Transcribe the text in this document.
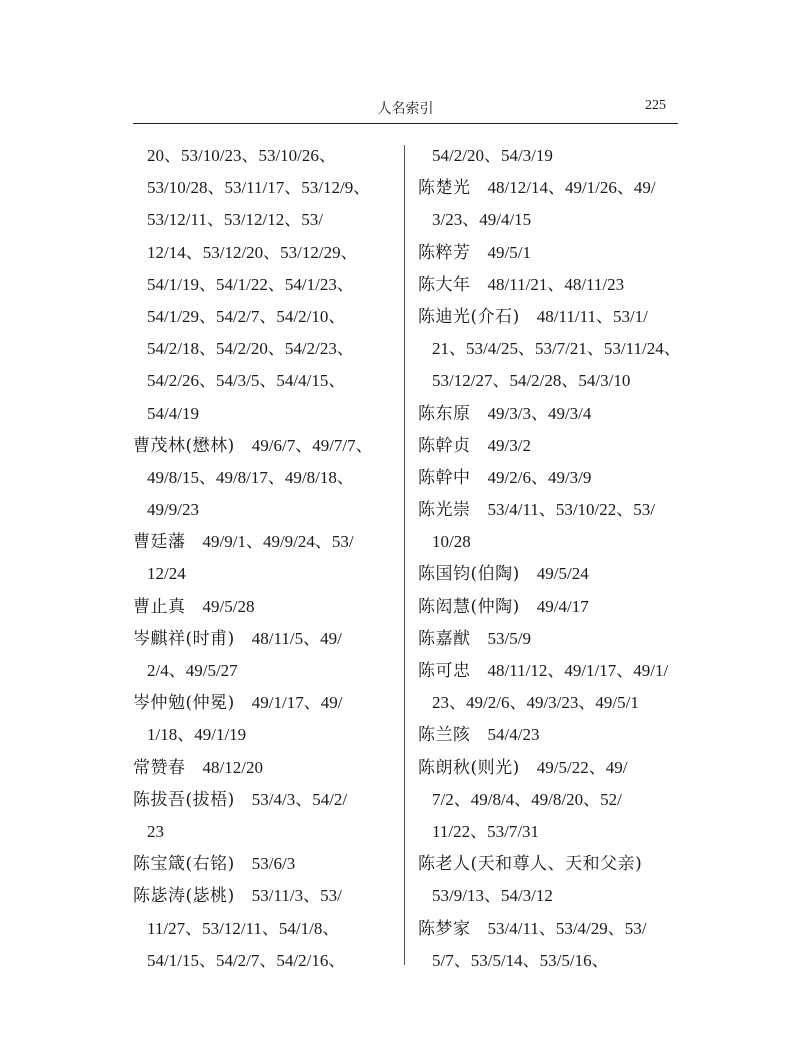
人名索引	225
20、53/10/23、53/10/26、
53/10/28、53/11/17、53/12/9、
53/12/11、53/12/12、53/
12/14、53/12/20、53/12/29、
54/1/19、54/1/22、54/1/23、
54/1/29、54/2/7、54/2/10、
54/2/18、54/2/20、54/2/23、
54/2/26、54/3/5、54/4/15、
54/4/19
曹茂林(懋林)  49/6/7、49/7/7、
49/8/15、49/8/17、49/8/18、
49/9/23
曹廷藩  49/9/1、49/9/24、53/
12/24
曹止真  49/5/28
岑麒祥(时甫)  48/11/5、49/
2/4、49/5/27
岑仲勉(仲冕)  49/1/17、49/
1/18、49/1/19
常赞春  48/12/20
陈拔吾(拔梧)  53/4/3、54/2/
23
陈宝箴(右铭)  53/6/3
陈毖涛(毖桃)  53/11/3、53/
11/27、53/12/11、54/1/8、
54/1/15、54/2/7、54/2/16、
54/2/20、54/3/19
陈楚光  48/12/14、49/1/26、49/
3/23、49/4/15
陈粹芳  49/5/1
陈大年  48/11/21、48/11/23
陈迪光(介石)  48/11/11、53/1/
21、53/4/25、53/7/21、53/11/24、
53/12/27、54/2/28、54/3/10
陈东原  49/3/3、49/3/4
陈幹贞  49/3/2
陈幹中  49/2/6、49/3/9
陈光崇  53/4/11、53/10/22、53/
10/28
陈国钧(伯陶)  49/5/24
陈闳慧(仲陶)  49/4/17
陈嘉猷  53/5/9
陈可忠  48/11/12、49/1/17、49/1/
23、49/2/6、49/3/23、49/5/1
陈兰陔  54/4/23
陈朗秋(则光)  49/5/22、49/
7/2、49/8/4、49/8/20、52/
11/22、53/7/31
陈老人(天和尊人、天和父亲)
53/9/13、54/3/12
陈梦家  53/4/11、53/4/29、53/
5/7、53/5/14、53/5/16、
